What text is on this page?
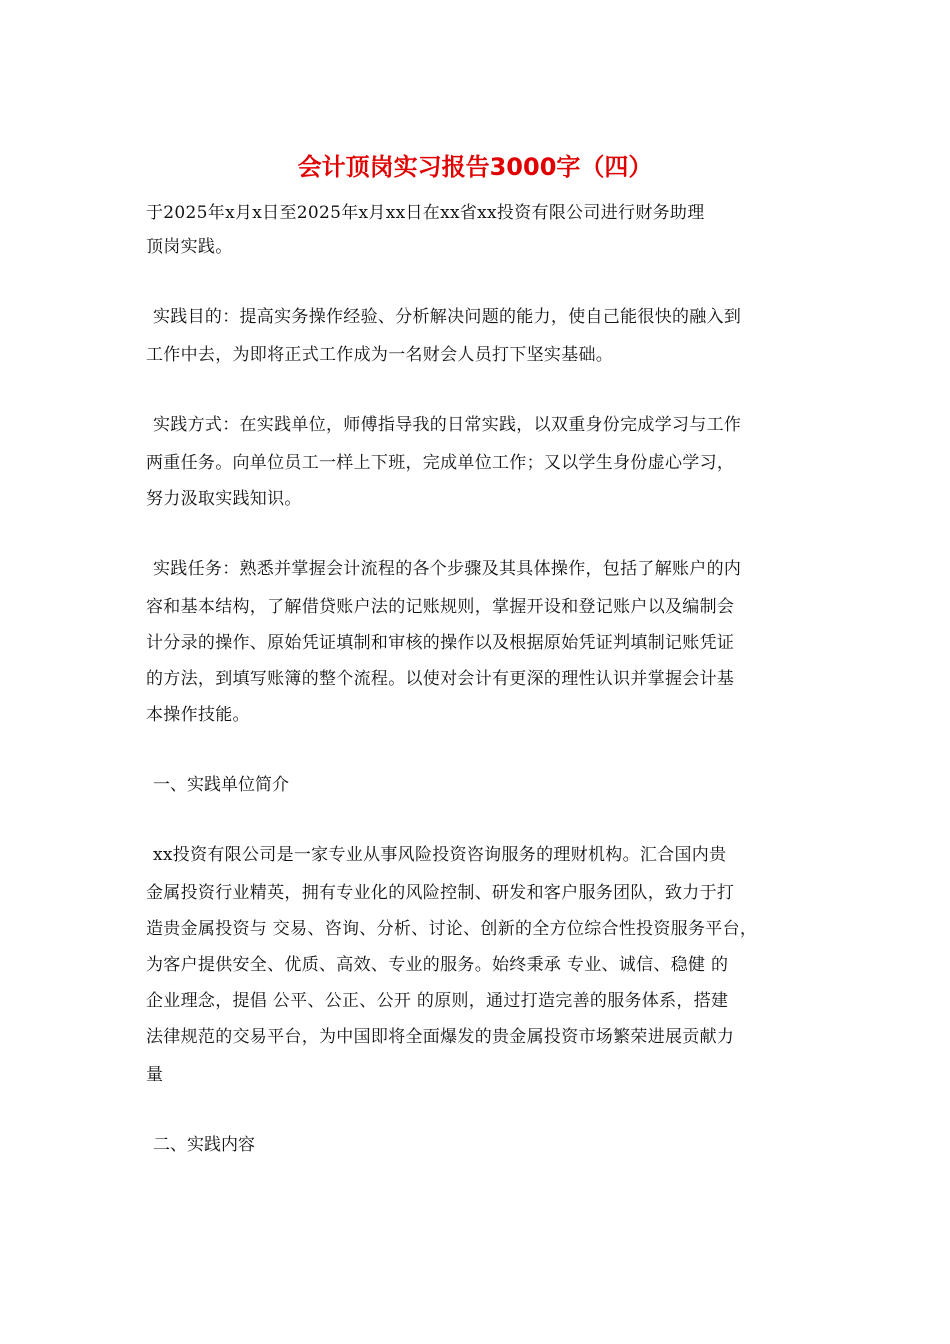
会计顶岗实习报告3000字（四）
于2025年x月x日至2025年x月xx日在xx省xx投资有限公司进行财务助理
顶岗实践。
实践目的：提高实务操作经验、分析解决问题的能力，使自己能很快的融入到
工作中去，为即将正式工作成为一名财会人员打下坚实基础。
实践方式：在实践单位，师傅指导我的日常实践，以双重身份完成学习与工作
两重任务。向单位员工一样上下班，完成单位工作；又以学生身份虚心学习，
努力汲取实践知识。
实践任务：熟悉并掌握会计流程的各个步骤及其具体操作，包括了解账户的内
容和基本结构，了解借贷账户法的记账规则，掌握开设和登记账户以及编制会
计分录的操作、原始凭证填制和审核的操作以及根据原始凭证判填制记账凭证
的方法，到填写账簿的整个流程。以使对会计有更深的理性认识并掌握会计基
本操作技能。
一、实践单位简介
xx投资有限公司是一家专业从事风险投资咨询服务的理财机构。汇合国内贵
金属投资行业精英，拥有专业化的风险控制、研发和客户服务团队，致力于打
造贵金属投资与 交易、咨询、分析、讨论、创新的全方位综合性投资服务平台，
为客户提供安全、优质、高效、专业的服务。始终秉承 专业、诚信、稳健 的
企业理念，提倡 公平、公正、公开 的原则，通过打造完善的服务体系，搭建
法律规范的交易平台，为中国即将全面爆发的贵金属投资市场繁荣进展贡献力
量
二、实践内容
